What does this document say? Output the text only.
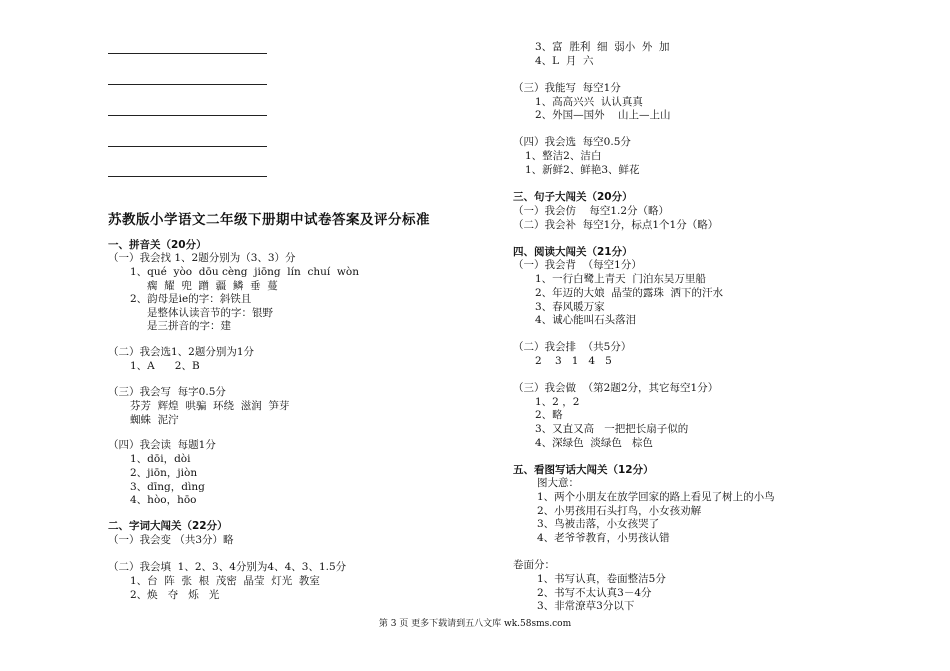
苏教版小学语文二年级下册期中试卷答案及评分标准
一、拼音关（20分）
（一）我会找 1、2题分别为（3、3）分
1、qué  yòo  dōu cèng  jiōng  lín  chuí  wòn
瘸  耀  兜  蹭  疆  鳞  垂  蔓
2、韵母是ie的字：斜铁且
是整体认读音节的字：银野
是三拼音的字：建
（二）我会选1、2题分别为1分
1、A      2、B
（三）我会写  每字0.5分
芬芳  辉煌  哄骗  环绕  滋润  笋芽
蜘蛛  泥泞
（四）我会读  每题1分
1、dōi，dòi
2、jiōn，jiòn
3、dīng，dìng
4、hòo，hōo
二、字词大闯关（22分）
（一）我会变 （共3分）略
（二）我会填  1、2、3、4分别为4、4、3、1.5分
1、台  阵  张  根  茂密  晶莹  灯光  教室
2、焕   夺   烁   光
3、富  胜利  细  弱小  外  加
4、L  月  六
（三）我能写  每空1分
1、高高兴兴  认认真真
2、外国—国外    山上—上山
（四）我会选  每空0.5分
1、整洁2、洁白
1、新鲜2、鲜艳3、鲜花
三、句子大闯关（20分）
（一）我会仿    每空1.2分（略）
（二）我会补  每空1分，标点1个1分（略）
四、阅读大闯关（21分）
（一）我会背  （每空1分）
1、一行白鹭上青天  门泊东吴万里船
2、年迈的大娘  晶莹的露珠  洒下的汗水
3、春风暖万家
4、诚心能叫石头落泪
（二）我会排  （共5分）
2    3   1   4   5
（三）我会做  （第2题2分，其它每空1分）
1、2 ，2
2、略
3、又直又高   一把把长扇子似的
4、深绿色  淡绿色   棕色
五、看图写话大闯关（12分）
图大意：
1、两个小朋友在放学回家的路上看见了树上的小鸟
2、小男孩用石头打鸟，小女孩劝解
3、鸟被击落，小女孩哭了
4、老爷爷教育，小男孩认错
卷面分：
1、书写认真，卷面整洁5分
2、书写不太认真3－4分
3、非常潦草3分以下
第 3 页 更多下载请到五八文库 wk.58sms.com
